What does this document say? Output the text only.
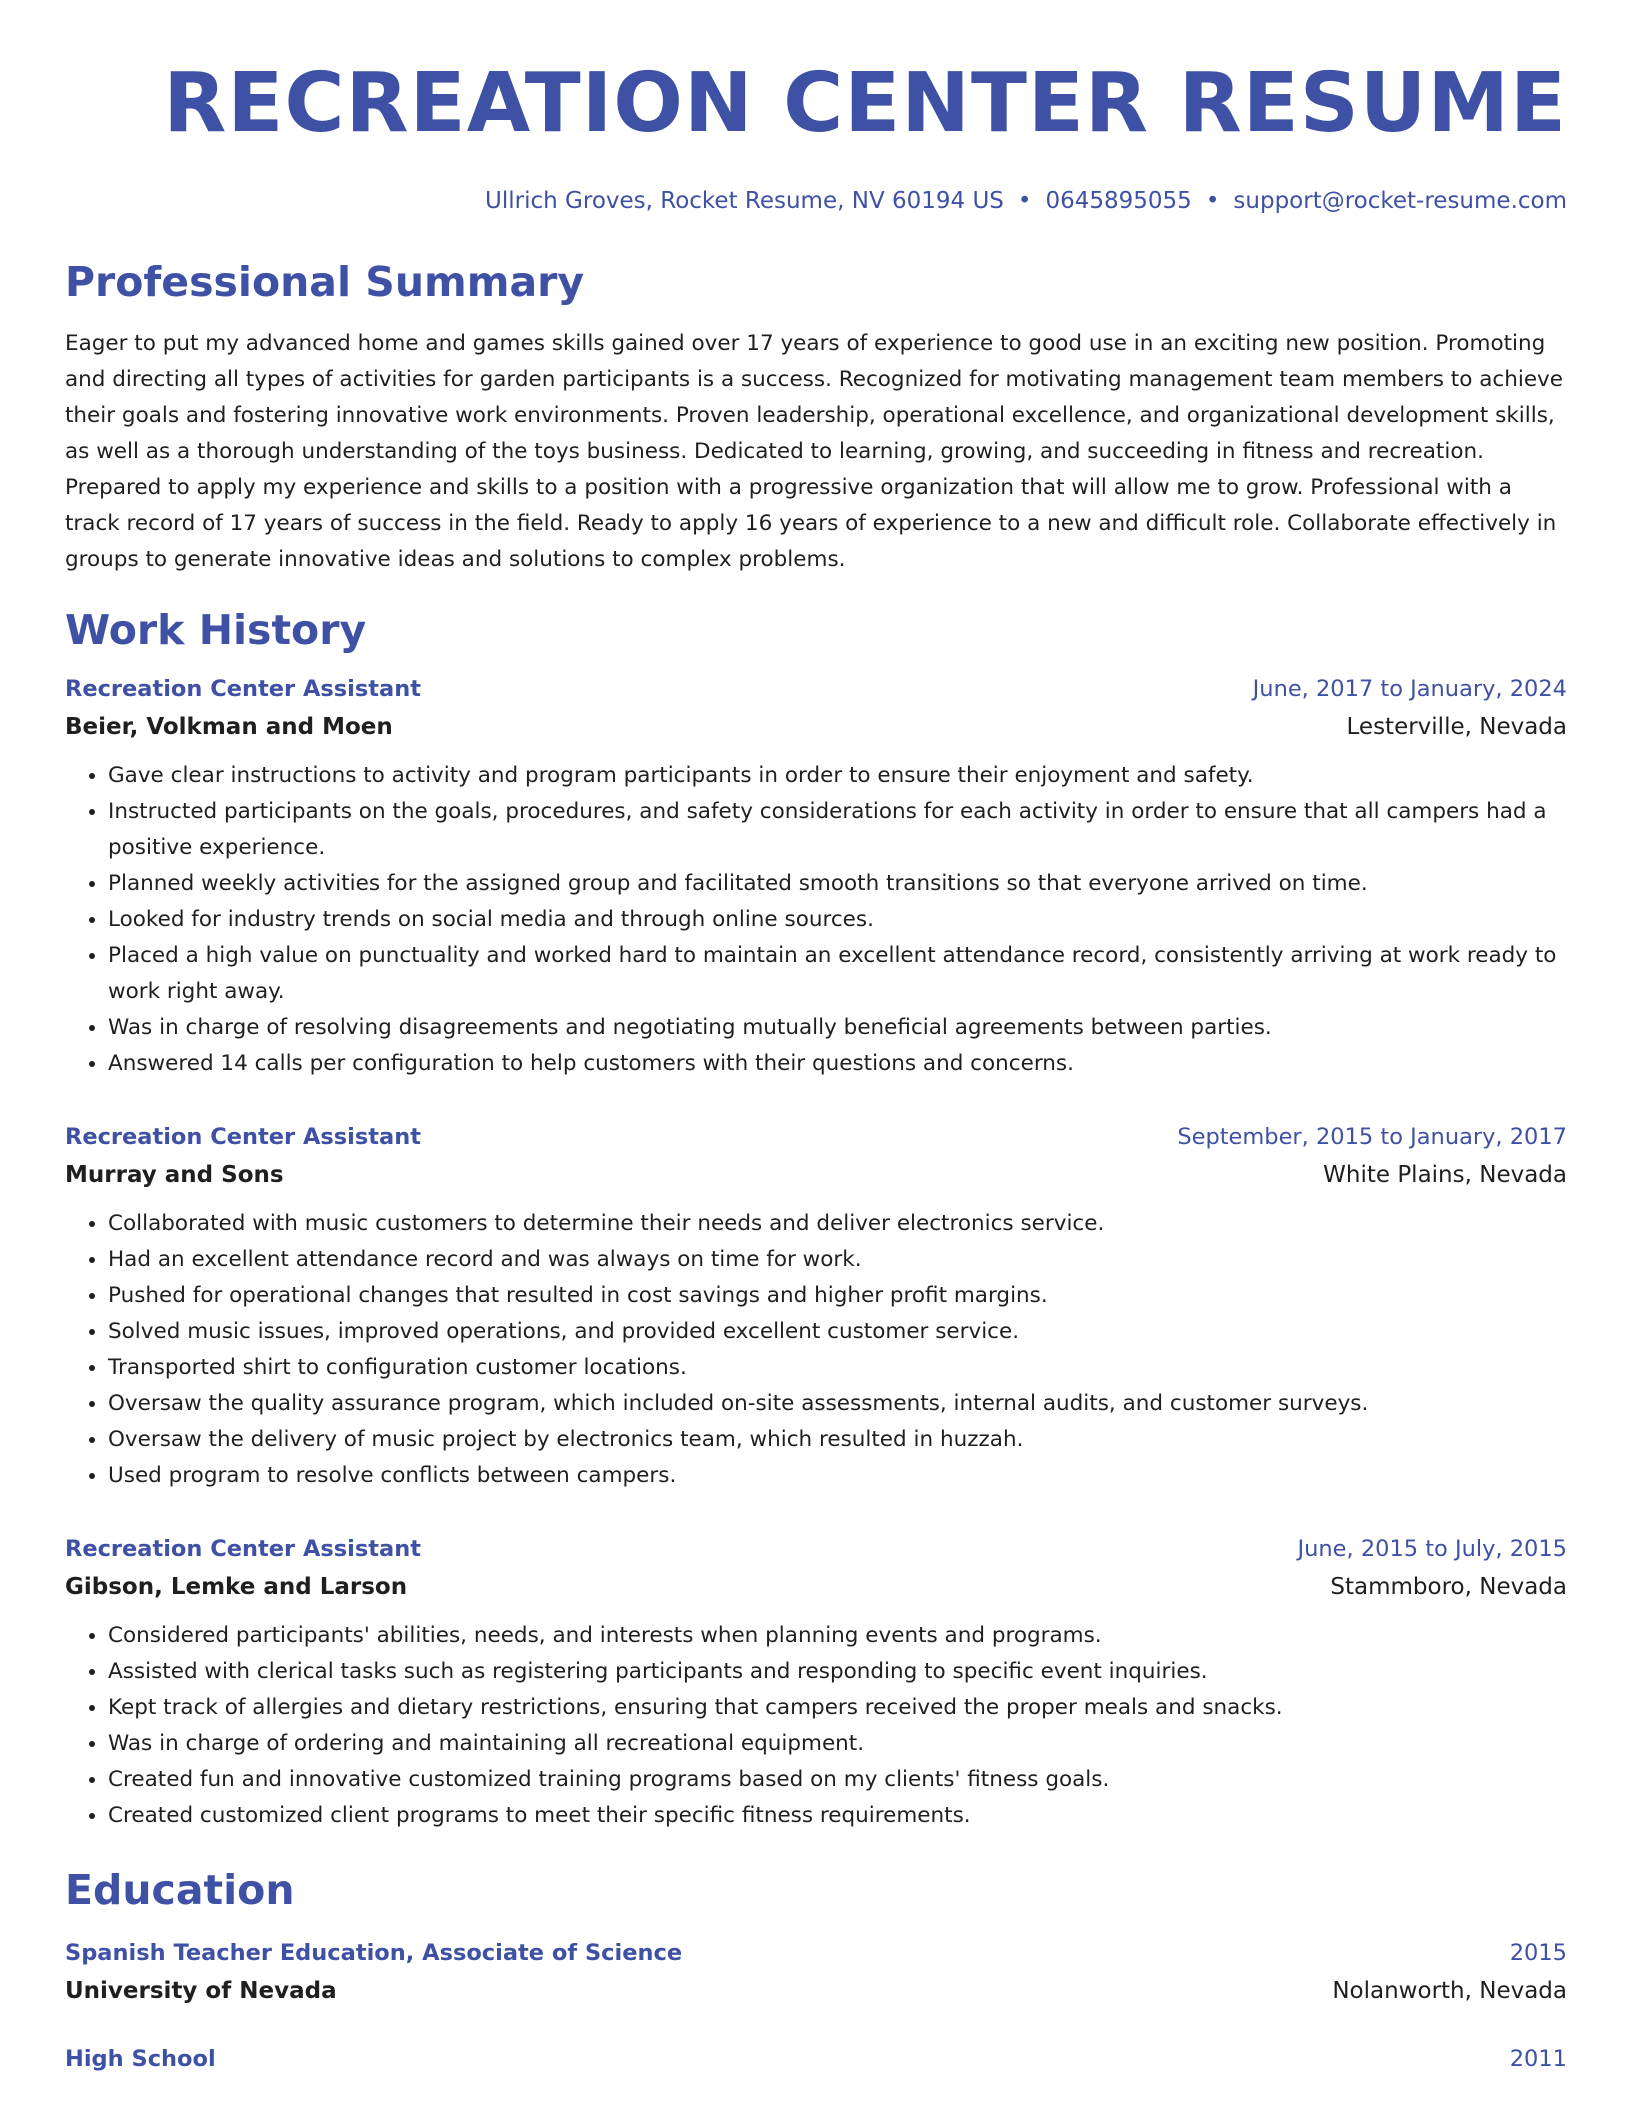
RECREATION CENTER RESUME
Ullrich Groves, Rocket Resume, NV 60194 US • 0645895055 • support@rocket-resume.com
Professional Summary

Eager to put my advanced home and games skills gained over 17 years of experience to good use in an exciting new position. Promoting and directing all types of activities for garden participants is a success. Recognized for motivating management team members to achieve their goals and fostering innovative work environments. Proven leadership, operational excellence, and organizational development skills, as well as a thorough understanding of the toys business. Dedicated to learning, growing, and succeeding in fitness and recreation. Prepared to apply my experience and skills to a position with a progressive organization that will allow me to grow. Professional with a track record of 17 years of success in the field. Ready to apply 16 years of experience to a new and difficult role. Collaborate effectively in groups to generate innovative ideas and solutions to complex problems.

Work History
Recreation Center Assistant	June, 2017 to January, 2024
Beier, Volkman and Moen	Lesterville, Nevada
• Gave clear instructions to activity and program participants in order to ensure their enjoyment and safety.
• Instructed participants on the goals, procedures, and safety considerations for each activity in order to ensure that all campers had a positive experience.
• Planned weekly activities for the assigned group and facilitated smooth transitions so that everyone arrived on time.
• Looked for industry trends on social media and through online sources.
• Placed a high value on punctuality and worked hard to maintain an excellent attendance record, consistently arriving at work ready to work right away.
• Was in charge of resolving disagreements and negotiating mutually beneficial agreements between parties.
• Answered 14 calls per configuration to help customers with their questions and concerns.
Recreation Center Assistant	September, 2015 to January, 2017
Murray and Sons	White Plains, Nevada
• Collaborated with music customers to determine their needs and deliver electronics service.
• Had an excellent attendance record and was always on time for work.
• Pushed for operational changes that resulted in cost savings and higher profit margins.
• Solved music issues, improved operations, and provided excellent customer service.
• Transported shirt to configuration customer locations.
• Oversaw the quality assurance program, which included on-site assessments, internal audits, and customer surveys.
• Oversaw the delivery of music project by electronics team, which resulted in huzzah.
• Used program to resolve conflicts between campers.
Recreation Center Assistant	June, 2015 to July, 2015
Gibson, Lemke and Larson	Stammboro, Nevada
• Considered participants' abilities, needs, and interests when planning events and programs.
• Assisted with clerical tasks such as registering participants and responding to specific event inquiries.
• Kept track of allergies and dietary restrictions, ensuring that campers received the proper meals and snacks.
• Was in charge of ordering and maintaining all recreational equipment.
• Created fun and innovative customized training programs based on my clients' fitness goals.
• Created customized client programs to meet their specific fitness requirements.
Education
Spanish Teacher Education, Associate of Science	2015
University of Nevada	Nolanworth, Nevada
High School	2011
